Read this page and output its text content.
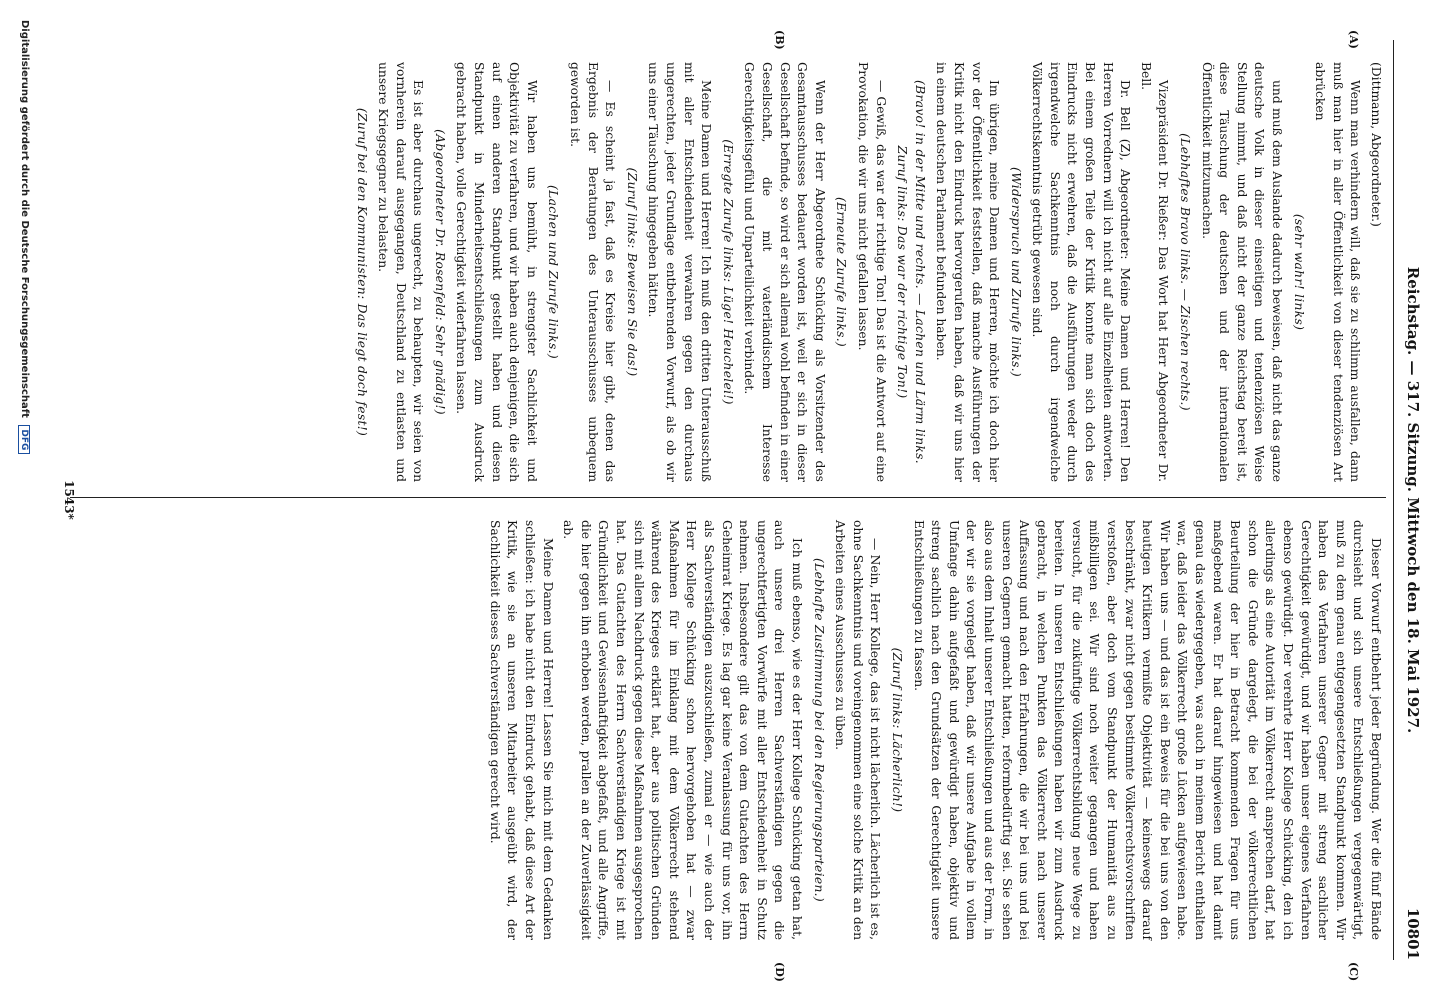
Reichstag. — 317. Sitzung. Mittwoch den 18. Mai 1927.
10801
(A)
(B)
(C)
(D)

(Dittmann, Abgeordneter.)

Wenn man verhindern will, daß sie zu schlimm ausfallen, dann muß man hier in aller Öffentlichkeit von dieser tendenziösen Art abrücken

(sehr wahr! links)

und muß dem Auslande dadurch beweisen, daß nicht das ganze deutsche Volk in dieser einseitigen und tendenziösen Weise Stellung nimmt, und daß nicht der ganze Reichstag bereit ist, diese Täuschung der deutschen und der internationalen Öffentlichkeit mitzumachen.

(Lebhaftes Bravo links. — Zischen rechts.)

Vizepräsident Dr. Rießer: Das Wort hat Herr Abgeordneter Dr. Bell.

Dr. Bell (Z), Abgeordneter: Meine Damen und Herren! Den Herren Vorrednern will ich nicht auf alle Einzelheiten antworten. Bei einem großen Teile der Kritik konnte man sich doch des Eindrucks nicht erwehren, daß die Ausführungen weder durch irgendwelche Sachkenntnis noch durch irgendwelche Völkerrechtskenntnis getrübt gewesen sind.

(Widerspruch und Zurufe links.)

Im übrigen, meine Damen und Herren, möchte ich doch hier vor der Öffentlichkeit feststellen, daß manche Ausführungen der Kritik nicht den Eindruck hervorgerufen haben, daß wir uns hier in einem deutschen Parlament befunden haben.

(Bravo! in der Mitte und rechts. — Lachen und Lärm links. Zuruf links: Das war der richtige Ton!)

— Gewiß, das war der richtige Ton! Das ist die Antwort auf eine Provokation, die wir uns nicht gefallen lassen.

(Erneute Zurufe links.)

Wenn der Herr Abgeordnete Schücking als Vorsitzender des Gesamtausschusses bedauert worden ist, weil er sich in dieser Gesellschaft befinde, so wird er sich allemal wohl befinden in einer Gesellschaft, die mit vaterländischem Interesse Gerechtigkeitsgefühl und Unparteilichkeit verbindet.

(Erregte Zurufe links: Lüge! Heuchelei!)

Meine Damen und Herren! Ich muß den dritten Unterausschuß mit aller Entschiedenheit verwahren gegen den durchaus ungerechten, jeder Grundlage entbehrenden Vorwurf, als ob wir uns einer Täuschung hingegeben hätten.

(Zuruf links: Beweisen Sie das!)

— Es scheint ja fast, daß es Kreise hier gibt, denen das Ergebnis der Beratungen des Unterausschusses unbequem geworden ist.

(Lachen und Zurufe links.)

Wir haben uns bemüht, in strengster Sachlichkeit und Objektivität zu verfahren, und wir haben auch denjenigen, die sich auf einen anderen Standpunkt gestellt haben und diesen Standpunkt in Minderheitsentschließungen zum Ausdruck gebracht haben, volle Gerechtigkeit widerfahren lassen.

(Abgeordneter Dr. Rosenfeld: Sehr gnädig!)

Es ist aber durchaus ungerecht, zu behaupten, wir seien von vornherein darauf ausgegangen, Deutschland zu entlasten und unsere Kriegsgegner zu belasten.

(Zuruf bei den Kommunisten: Das liegt doch fest!)

Dieser Vorwurf entbehrt jeder Begründung. Wer die fünf Bände durchsieht und sich unsere Entschließungen vergegenwärtigt, muß zu dem genau entgegengesetzten Standpunkt kommen. Wir haben das Verfahren unserer Gegner mit streng sachlicher Gerechtigkeit gewürdigt, und wir haben unser eigenes Verfahren ebenso gewürdigt. Der verehrte Herr Kollege Schücking, den ich allerdings als eine Autorität im Völkerrecht ansprechen darf, hat schon die Gründe dargelegt, die bei der völkerrechtlichen Beurteilung der hier in Betracht kommenden Fragen für uns maßgebend waren. Er hat darauf hingewiesen und hat damit genau das wiedergegeben, was auch in meinem Bericht enthalten war, daß leider das Völkerrecht große Lücken aufgewiesen habe. Wir haben uns — und das ist ein Beweis für die bei uns von den heutigen Kritikern vermißte Objektivität — keineswegs darauf beschränkt, zwar nicht gegen bestimmte Völkerrechtsvorschriften verstoßen, aber doch vom Standpunkt der Humanität aus zu mißbilligen sei. Wir sind noch weiter gegangen und haben versucht, für die zukünftige Völkerrechtsbildung neue Wege zu bereiten. In unseren Entschließungen haben wir zum Ausdruck gebracht, in welchen Punkten das Völkerrecht nach unserer Auffassung und nach den Erfahrungen, die wir bei uns und bei unseren Gegnern gemacht hatten, reformbedürftig sei. Sie sehen also aus dem Inhalt unserer Entschließungen und aus der Form, in der wir sie vorgelegt haben, daß wir unsere Aufgabe in vollem Umfange dahin aufgefaßt und gewürdigt haben, objektiv und streng sachlich nach den Grundsätzen der Gerechtigkeit unsere Entschließungen zu fassen.

(Zuruf links: Lächerlich!)

— Nein, Herr Kollege, das ist nicht lächerlich. Lächerlich ist es, ohne Sachkenntnis und voreingenommen eine solche Kritik an den Arbeiten eines Ausschusses zu üben.

(Lebhafte Zustimmung bei den Regierungsparteien.)

Ich muß ebenso, wie es der Herr Kollege Schücking getan hat, auch unsere drei Herren Sachverständigen gegen die ungerechtfertigten Vorwürfe mit aller Entschiedenheit in Schutz nehmen. Insbesondere gilt das von dem Gutachten des Herrn Geheimrat Kriege. Es lag gar keine Veranlassung für uns vor, ihn als Sachverständigen auszuschließen, zumal er — wie auch der Herr Kollege Schücking schon hervorgehoben hat — zwar Maßnahmen für im Einklang mit dem Völkerrecht stehend während des Krieges erklärt hat, aber aus politischen Gründen sich mit allem Nachdruck gegen diese Maßnahmen ausgesprochen hat. Das Gutachten des Herrn Sachverständigen Kriege ist mit Gründlichkeit und Gewissenhaftigkeit abgefaßt, und alle Angriffe, die hier gegen ihn erhoben werden, prallen an der Zuverlässigkeit ab.

Meine Damen und Herren! Lassen Sie mich mit dem Gedanken schließen: ich habe nicht den Eindruck gehabt, daß diese Art der Kritik, wie sie an unseren Mitarbeiter ausgeübt wird, der Sachlichkeit dieses Sachverständigen gerecht wird.

1543*
Digitalisierung gefördert durch die Deutsche Forschungsgemeinschaft DFG
